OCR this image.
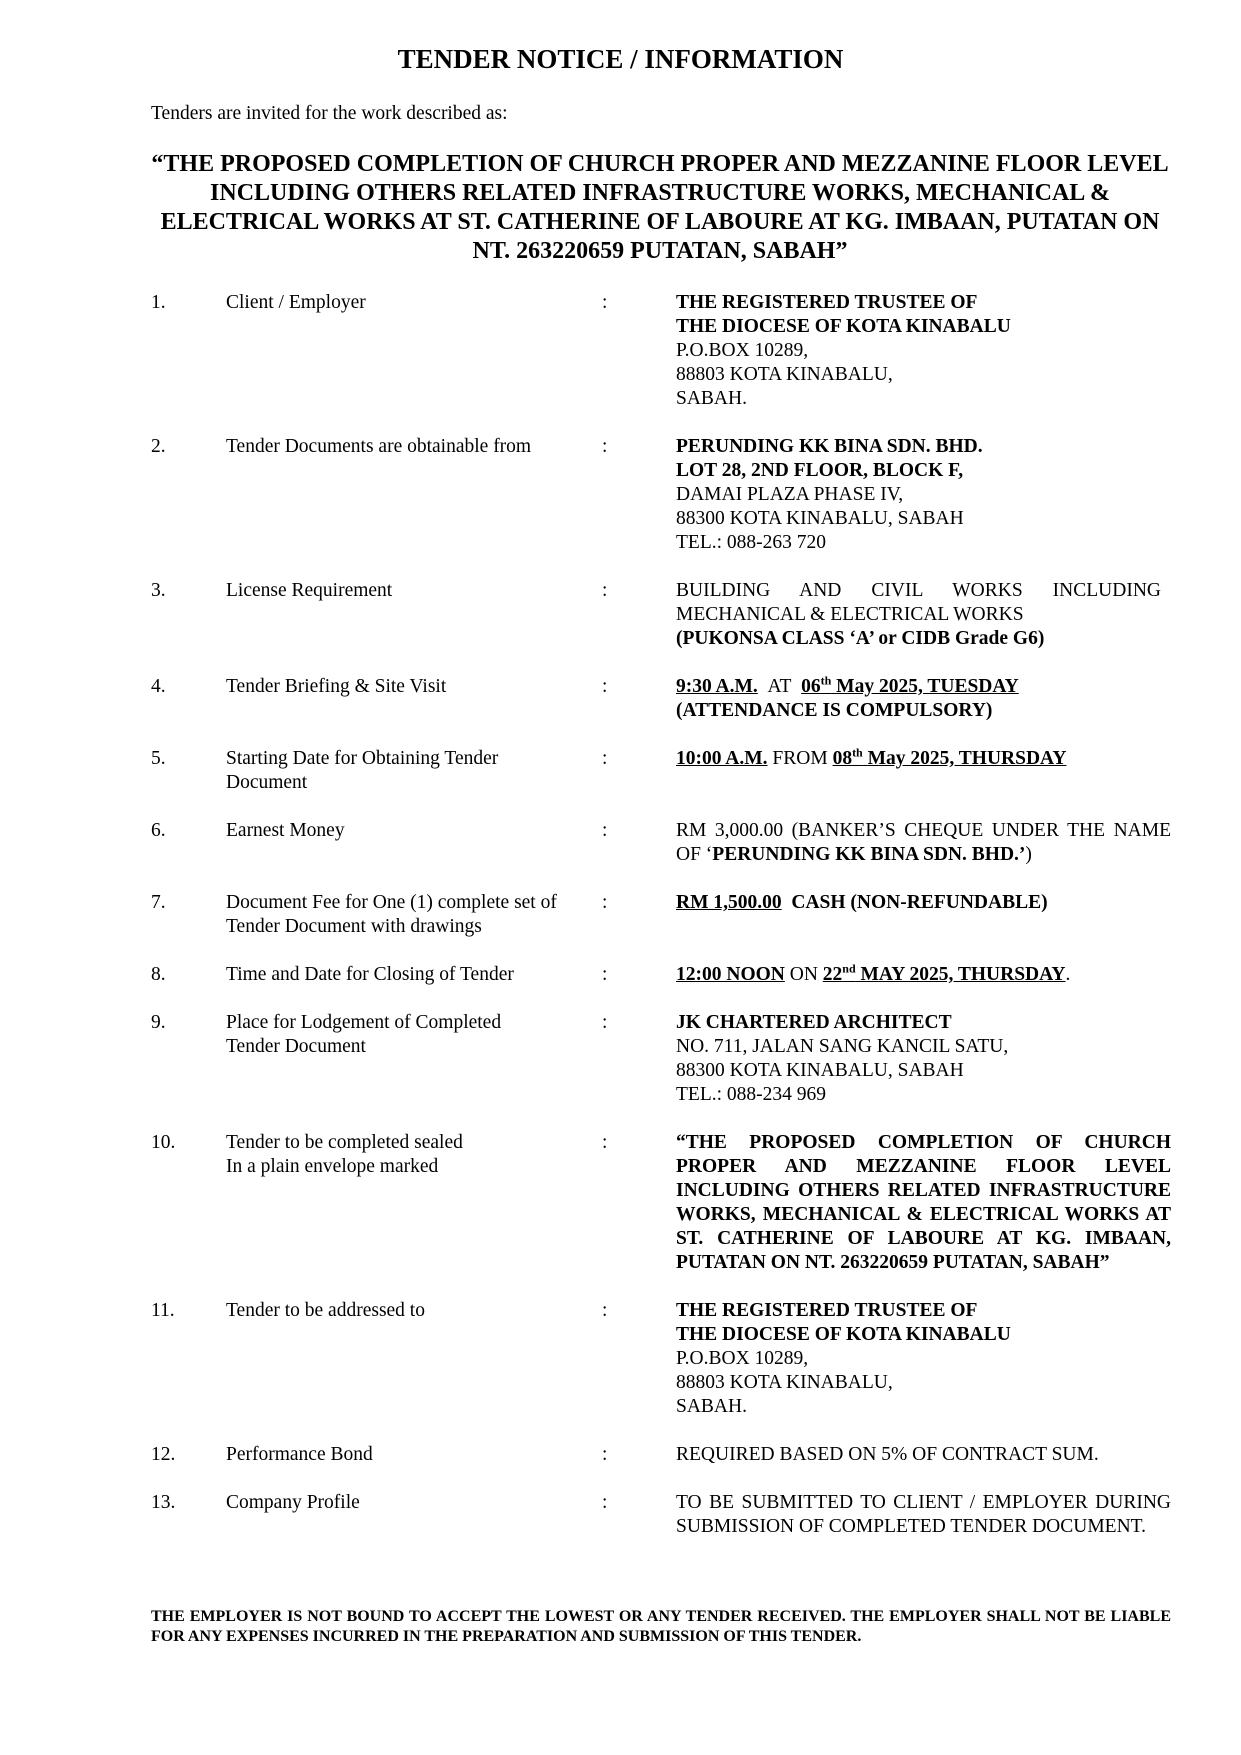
TENDER NOTICE / INFORMATION
Tenders are invited for the work described as:
“THE PROPOSED COMPLETION OF CHURCH PROPER AND MEZZANINE FLOOR LEVEL INCLUDING OTHERS RELATED INFRASTRUCTURE WORKS, MECHANICAL & ELECTRICAL WORKS AT ST. CATHERINE OF LABOURE AT KG. IMBAAN, PUTATAN ON NT. 263220659 PUTATAN, SABAH”
1.	Client / Employer	:	THE REGISTERED TRUSTEE OF
THE DIOCESE OF KOTA KINABALU
P.O.BOX 10289,
88803 KOTA KINABALU,
SABAH.
2.	Tender Documents are obtainable from	:	PERUNDING KK BINA SDN. BHD.
LOT 28, 2ND FLOOR, BLOCK F,
DAMAI PLAZA PHASE IV,
88300 KOTA KINABALU, SABAH
TEL.: 088-263 720
3.	License Requirement	:	BUILDING AND CIVIL WORKS INCLUDING MECHANICAL & ELECTRICAL WORKS
(PUKONSA CLASS ‘A’ or CIDB Grade G6)
4.	Tender Briefing & Site Visit	:	9:30 A.M. AT 06th May 2025, TUESDAY
(ATTENDANCE IS COMPULSORY)
5.	Starting Date for Obtaining Tender Document
:	10:00 A.M. FROM 08th May 2025, THURSDAY
6.	Earnest Money	:	RM 3,000.00 (BANKER’S CHEQUE UNDER THE NAME OF ‘PERUNDING KK BINA SDN. BHD.’)
7.	Document Fee for One (1) complete set of Tender Document with drawings
:	RM 1,500.00 CASH (NON-REFUNDABLE)
8.	Time and Date for Closing of Tender	:	12:00 NOON ON 22nd MAY 2025, THURSDAY.
9.	Place for Lodgement of Completed Tender Document
:	JK CHARTERED ARCHITECT
NO. 711, JALAN SANG KANCIL SATU,
88300 KOTA KINABALU, SABAH
TEL.: 088-234 969
10.	Tender to be completed sealed
In a plain envelope marked
:	“THE PROPOSED COMPLETION OF CHURCH PROPER AND MEZZANINE FLOOR LEVEL INCLUDING OTHERS RELATED INFRASTRUCTURE WORKS, MECHANICAL & ELECTRICAL WORKS AT ST. CATHERINE OF LABOURE AT KG. IMBAAN, PUTATAN ON NT. 263220659 PUTATAN, SABAH”
11.	Tender to be addressed to	:	THE REGISTERED TRUSTEE OF
THE DIOCESE OF KOTA KINABALU
P.O.BOX 10289,
88803 KOTA KINABALU,
SABAH.
12.	Performance Bond	:	REQUIRED BASED ON 5% OF CONTRACT SUM.
13.	Company Profile	:	TO BE SUBMITTED TO CLIENT / EMPLOYER DURING SUBMISSION OF COMPLETED TENDER DOCUMENT.
THE EMPLOYER IS NOT BOUND TO ACCEPT THE LOWEST OR ANY TENDER RECEIVED. THE EMPLOYER SHALL NOT BE LIABLE FOR ANY EXPENSES INCURRED IN THE PREPARATION AND SUBMISSION OF THIS TENDER.
